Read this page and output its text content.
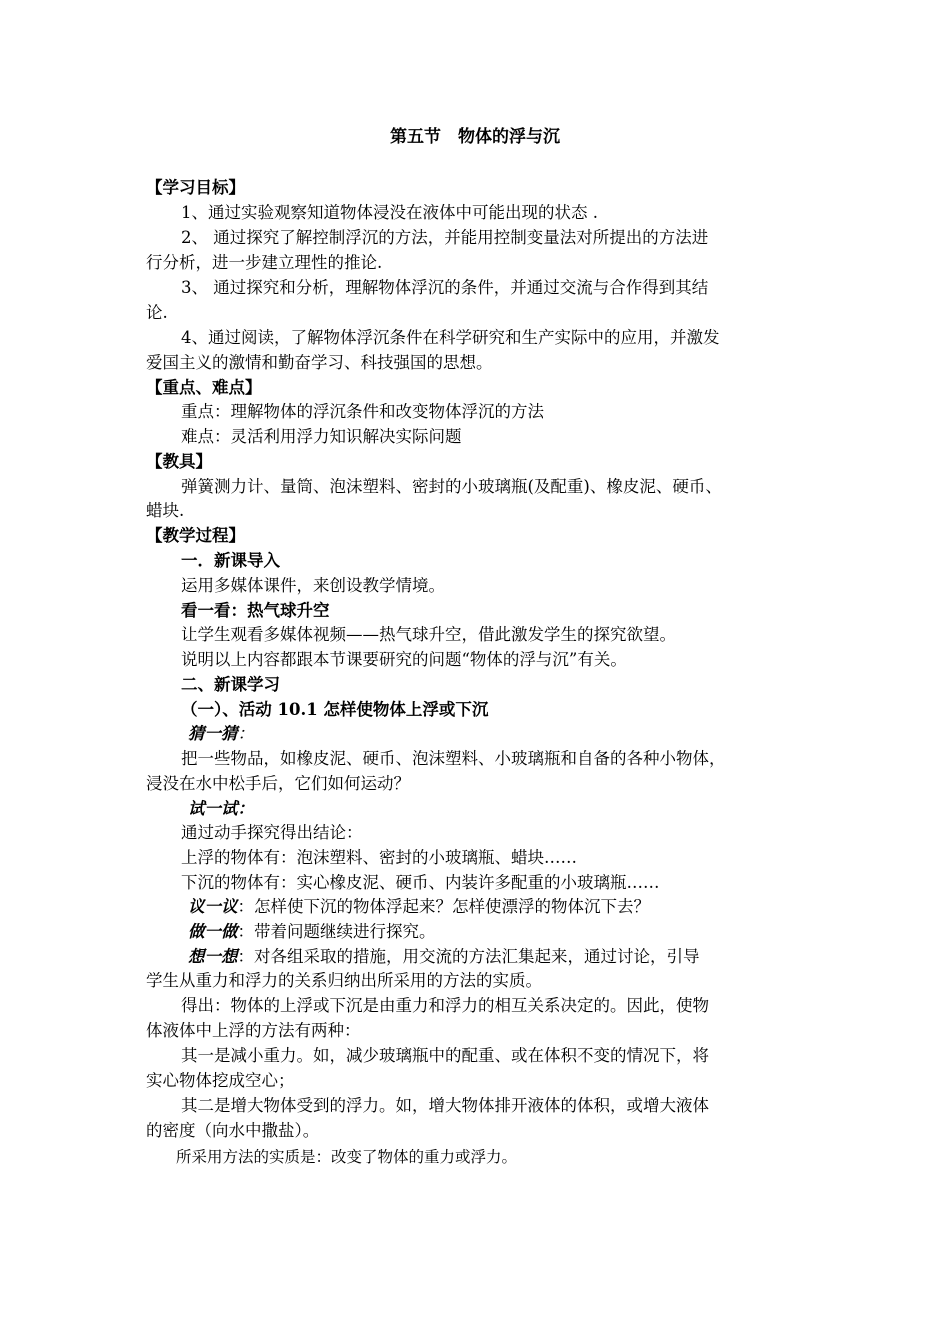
第五节　物体的浮与沉
【学习目标】
1、通过实验观察知道物体浸没在液体中可能出现的状态 .
2、 通过探究了解控制浮沉的方法，并能用控制变量法对所提出的方法进
行分析，进一步建立理性的推论.
3、 通过探究和分析，理解物体浮沉的条件，并通过交流与合作得到其结
论.
4、通过阅读，了解物体浮沉条件在科学研究和生产实际中的应用，并激发
爱国主义的激情和勤奋学习、科技强国的思想。
【重点、难点】
重点：理解物体的浮沉条件和改变物体浮沉的方法
难点：灵活利用浮力知识解决实际问题
【教具】
弹簧测力计、量筒、泡沫塑料、密封的小玻璃瓶(及配重)、橡皮泥、硬币、
蜡块.
【教学过程】
一．新课导入
运用多媒体课件，来创设教学情境。
看一看：热气球升空
让学生观看多媒体视频——热气球升空，借此激发学生的探究欲望。
说明以上内容都跟本节课要研究的问题“物体的浮与沉”有关。
二、新课学习
（一）、活动 10.1 怎样使物体上浮或下沉
猜一猜：
把一些物品，如橡皮泥、硬币、泡沫塑料、小玻璃瓶和自备的各种小物体，
浸没在水中松手后，它们如何运动？
试一试：
通过动手探究得出结论：
上浮的物体有：泡沫塑料、密封的小玻璃瓶、蜡块……
下沉的物体有：实心橡皮泥、硬币、内装许多配重的小玻璃瓶……
议一议：怎样使下沉的物体浮起来？怎样使漂浮的物体沉下去？
做一做：带着问题继续进行探究。
想一想：对各组采取的措施，用交流的方法汇集起来，通过讨论，引导
学生从重力和浮力的关系归纳出所采用的方法的实质。
得出：物体的上浮或下沉是由重力和浮力的相互关系决定的。因此，使物
体液体中上浮的方法有两种：
其一是减小重力。如，减少玻璃瓶中的配重、或在体积不变的情况下，将
实心物体挖成空心；
其二是增大物体受到的浮力。如，增大物体排开液体的体积，或增大液体
的密度（向水中撒盐）。
所采用方法的实质是：改变了物体的重力或浮力。
